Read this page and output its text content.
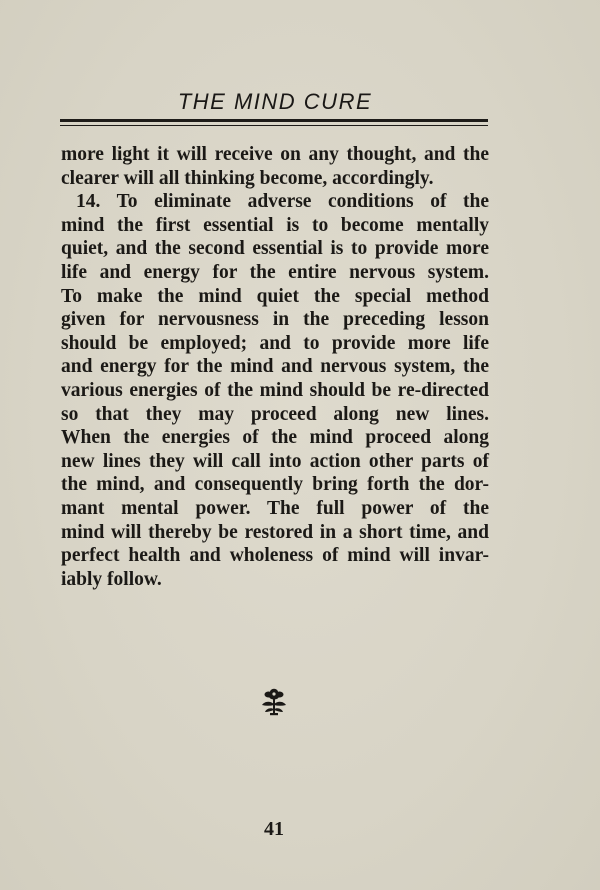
THE MIND CURE
more light it will receive on any thought, and the
clearer will all thinking become, accordingly.
14. To eliminate adverse conditions of the
mind the first essential is to become mentally
quiet, and the second essential is to provide more
life and energy for the entire nervous system.
To make the mind quiet the special method
given for nervousness in the preceding lesson
should be employed; and to provide more life
and energy for the mind and nervous system, the
various energies of the mind should be re-directed
so that they may proceed along new lines.
When the energies of the mind proceed along
new lines they will call into action other parts of
the mind, and consequently bring forth the dor-
mant mental power. The full power of the
mind will thereby be restored in a short time, and
perfect health and wholeness of mind will invar-
iably follow.
41
